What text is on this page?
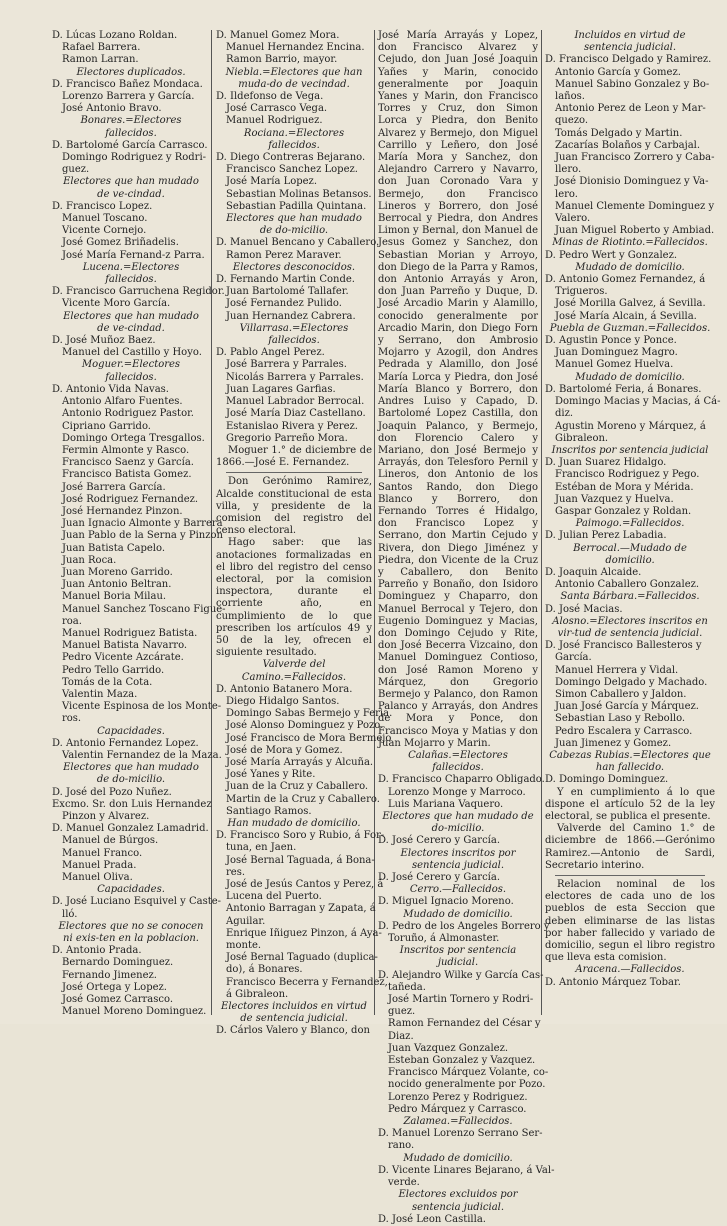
D. Lúcas Lozano Roldan.
Rafael Barrera.
Ramon Larran.
Electores duplicados.
D. Francisco Bañez Mondaca.
Lorenzo Barrera y García.
José Antonio Bravo.
Bonares.=Electores fallecidos.
D. Bartolomé García Carrasco.
Domingo Rodriguez y Rodri-
guez.
Electores que han mudado de ve-cindad.
D. Francisco Lopez.
Manuel Toscano.
Vicente Cornejo.
José Gomez Briñadelis.
José María Fernand-z Parra.
Lucena.=Electores fallecidos.
D. Francisco Garruchena Regidor.
Vicente Moro García.
Electores que han mudado de ve-cindad.
D. José Muñoz Baez.
Manuel del Castillo y Hoyo.
Moguer.=Electores fallecidos.
D. Antonio Vida Navas.
Antonio Alfaro Fuentes.
Antonio Rodriguez Pastor.
Cipriano Garrido.
Domingo Ortega Tresgallos.
Fermin Almonte y Rasco.
Francisco Saenz y García.
Francisco Batista Gomez.
José Barrera García.
José Rodriguez Fernandez.
José Hernandez Pinzon.
Juan Ignacio Almonte y Barrera
Juan Pablo de la Serna y Pinzon
Juan Batista Capelo.
Juan Roca.
Juan Moreno Garrido.
Juan Antonio Beltran.
Manuel Boria Milau.
Manuel Sanchez Toscano Figue-
roa.
Manuel Rodriguez Batista.
Manuel Batista Navarro.
Pedro Vicente Azcárate.
Pedro Tello Garrido.
Tomás de la Cota.
Valentin Maza.
Vicente Espinosa de los Monte-
ros.
Capacidades.
D. Antonio Fernandez Lopez.
Valentin Fernandez de la Maza.
Electores que han mudado de do-micilio.
D. José del Pozo Nuñez.
Excmo. Sr. don Luis Hernandez
Pinzon y Alvarez.
D. Manuel Gonzalez Lamadrid.
Manuel de Búrgos.
Manuel Franco.
Manuel Prada.
Manuel Oliva.
Capacidades.
D. José Luciano Esquivel y Caste-
lló.
Electores que no se conocen ni exis-ten en la poblacion.
D. Antonio Prada.
Bernardo Dominguez.
Fernando Jimenez.
José Ortega y Lopez.
José Gomez Carrasco.
Manuel Moreno Dominguez.
D. Manuel Gomez Mora.
Manuel Hernandez Encina.
Ramon Barrio, mayor.
Niebla.=Electores que han muda-do de vecindad.
D. Ildefonso de Vega.
José Carrasco Vega.
Manuel Rodriguez.
Rociana.=Electores fallecidos.
D. Diego Contreras Bejarano.
Francisco Sanchez Lopez.
José María Lopez.
Sebastian Molinas Betansos.
Sebastian Padilla Quintana.
Electores que han mudado de do-micilio.
D. Manuel Bencano y Caballero.
Ramon Perez Maraver.
Electores desconocidos.
D. Fernando Martin Conde.
Juan Bartolomé Tallafer.
José Fernandez Pulido.
Juan Hernandez Cabrera.
Villarrasa.=Electores fallecidos.
D. Pablo Angel Perez.
José Barrera y Parrales.
Nicolás Barrera y Parrales.
Juan Lagares Garfias.
Manuel Labrador Berrocal.
José María Diaz Castellano.
Estanislao Rivera y Perez.
Gregorio Parreño Mora.
Moguer 1.° de diciembre de 1866.—José E. Fernandez.
Don Gerónimo Ramirez, Alcalde constitucional de esta villa, y presidente de la comision del registro del censo electoral.
Hago saber: que las anotaciones formalizadas en el libro del registro del censo electoral, por la comision inspectora, durante el corriente año, en cumplimiento de lo que prescriben los artículos 49 y 50 de la ley, ofrecen el siguiente resultado.
Valverde del Camino.=Fallecidos.
D. Antonio Batanero Mora.
Diego Hidalgo Santos.
Domingo Sabas Bermejo y Feria.
José Alonso Dominguez y Pozo.
José Francisco de Mora Bermejo
José de Mora y Gomez.
José María Arrayás y Alcuña.
José Yanes y Rite.
Juan de la Cruz y Caballero.
Martin de la Cruz y Caballero.
Santiago Ramos.
Han mudado de domicilio.
D. Francisco Soro y Rubio, á For-
tuna, en Jaen.
José Bernal Taguada, á Bona-
res.
José de Jesús Cantos y Perez, á
Lucena del Puerto.
Antonio Barragan y Zapata, á
Aguilar.
Enrique Iñiguez Pinzon, á Aya-
monte.
José Bernal Taguado (duplica-
do), á Bonares.
Francisco Becerra y Fernandez,
á Gibraleon.
Electores incluidos en virtud de sentencia judicial.
D. Cárlos Valero y Blanco, don
José María Arrayás y Lopez, don Francisco Alvarez y Cejudo, don Juan José Joaquin Yañes y Marin, conocido generalmente por Joaquin Yanes y Marin, don Francisco Torres y Cruz, don Simon Lorca y Piedra, don Benito Alvarez y Bermejo, don Miguel Carrillo y Leñero, don José María Mora y Sanchez, don Alejandro Carrero y Navarro, don Juan Coronado Vara y Bermejo, don Francisco Lineros y Borrero, don José Berrocal y Piedra, don Andres Limon y Bernal, don Manuel de Jesus Gomez y Sanchez, don Sebastian Morian y Arroyo, don Diego de la Parra y Ramos, don Antonio Arrayás y Aron, don Juan Parreño y Duque, D. José Arcadio Marin y Alamillo, conocido generalmente por Arcadio Marin, don Diego Forn y Serrano, don Ambrosio Mojarro y Azogil, don Andres Pedrada y Alamillo, don José María Lorca y Piedra, don José María Blanco y Borrero, don Andres Luiso y Capado, D. Bartolomé Lopez Castilla, don Joaquin Palanco, y Bermejo, don Florencio Calero y Mariano, don José Bermejo y Arrayás, don Telesforo Pernil y Lineros, don Antonio de los Santos Rando, don Diego Blanco y Borrero, don Fernando Torres é Hidalgo, don Francisco Lopez y Serrano, don Martin Cejudo y Rivera, don Diego Jiménez y Piedra, don Vicente de la Cruz y Caballero, don Benito Parreño y Bonaño, don Isidoro Dominguez y Chaparro, don Manuel Berrocal y Tejero, don Eugenio Dominguez y Macias, don Domingo Cejudo y Rite, don José Becerra Vizcaino, don Manuel Dominguez Contioso, don José Ramon Moreno y Márquez, don Gregorio Bermejo y Palanco, don Ramon Palanco y Arrayás, don Andres de Mora y Ponce, don Francisco Moya y Matias y don Juan Mojarro y Marin.
Calañas.=Electores fallecidos.
D. Francisco Chaparro Obligado.
Lorenzo Monge y Marroco.
Luis Mariana Vaquero.
Electores que han mudado de do-micilio.
D. José Cerero y García.
Electores inscritos por sentencia judicial.
D. José Cerero y García.
Cerro.—Fallecidos.
D. Miguel Ignacio Moreno.
Mudado de domicilio.
D. Pedro de los Angeles Borrero y
Toruño, á Almonaster.
Inscritos por sentencia judicial.
D. Alejandro Wilke y García Cas-
tañeda.
José Martin Tornero y Rodri-
guez.
Ramon Fernandez del César y
Diaz.
Juan Vazquez Gonzalez.
Esteban Gonzalez y Vazquez.
Francisco Márquez Volante, co-
nocido generalmente por Pozo.
Lorenzo Perez y Rodriguez.
Pedro Márquez y Carrasco.
Zalamea.=Fallecidos.
D. Manuel Lorenzo Serrano Ser-
rano.
Mudado de domicilio.
D. Vicente Linares Bejarano, á Val-
verde.
Electores excluidos por sentencia judicial.
D. José Leon Castilla.
Incluidos en virtud de sentencia judicial.
D. Francisco Delgado y Ramirez.
Antonio García y Gomez.
Manuel Sabino Gonzalez y Bo-
laños.
Antonio Perez de Leon y Mar-
quezo.
Tomás Delgado y Martin.
Zacarías Bolaños y Carbajal.
Juan Francisco Zorrero y Caba-
llero.
José Dionisio Dominguez y Va-
lero.
Manuel Clemente Dominguez y
Valero.
Juan Miguel Roberto y Ambiad.
Minas de Riotinto.=Fallecidos.
D. Pedro Wert y Gonzalez.
Mudado de domicilio.
D. Antonio Gomez Fernandez, á
Trigueros.
José Morilla Galvez, á Sevilla.
José María Alcain, á Sevilla.
Puebla de Guzman.=Fallecidos.
D. Agustin Ponce y Ponce.
Juan Dominguez Magro.
Manuel Gomez Huelva.
Mudado de domicilio.
D. Bartolomé Feria, á Bonares.
Domingo Macias y Macias, á Cá-
diz.
Agustin Moreno y Márquez, á
Gibraleon.
Inscritos por sentencia judicial
D. Juan Suarez Hidalgo.
Francisco Rodriguez y Pego.
Estéban de Mora y Mérida.
Juan Vazquez y Huelva.
Gaspar Gonzalez y Roldan.
Paimogo.=Fallecidos.
D. Julian Perez Labadia.
Berrocal.—Mudado de domicilio.
D. Joaquin Alcaide.
Antonio Caballero Gonzalez.
Santa Bárbara.=Fallecidos.
D. José Macias.
Alosno.=Electores inscritos en vir-tud de sentencia judicial.
D. José Francisco Ballesteros y
García.
Manuel Herrera y Vidal.
Domingo Delgado y Machado.
Simon Caballero y Jaldon.
Juan José García y Márquez.
Sebastian Laso y Rebollo.
Pedro Escalera y Carrasco.
Juan Jimenez y Gomez.
Cabezas Rubias.=Electores que han fallecido.
D. Domingo Dominguez.
Y en cumplimiento á lo que dispone el artículo 52 de la ley electoral, se publica el presente.
Valverde del Camino 1.° de diciembre de 1866.—Gerónimo Ramirez.—Antonio de Sardi, Secretario interino.
Relacion nominal de los electores de cada uno de los pueblos de esta Seccion que deben eliminarse de las listas por haber fallecido y variado de domicilio, segun el libro registro que lleva esta comision.
Aracena.—Fallecidos.
D. Antonio Márquez Tobar.
